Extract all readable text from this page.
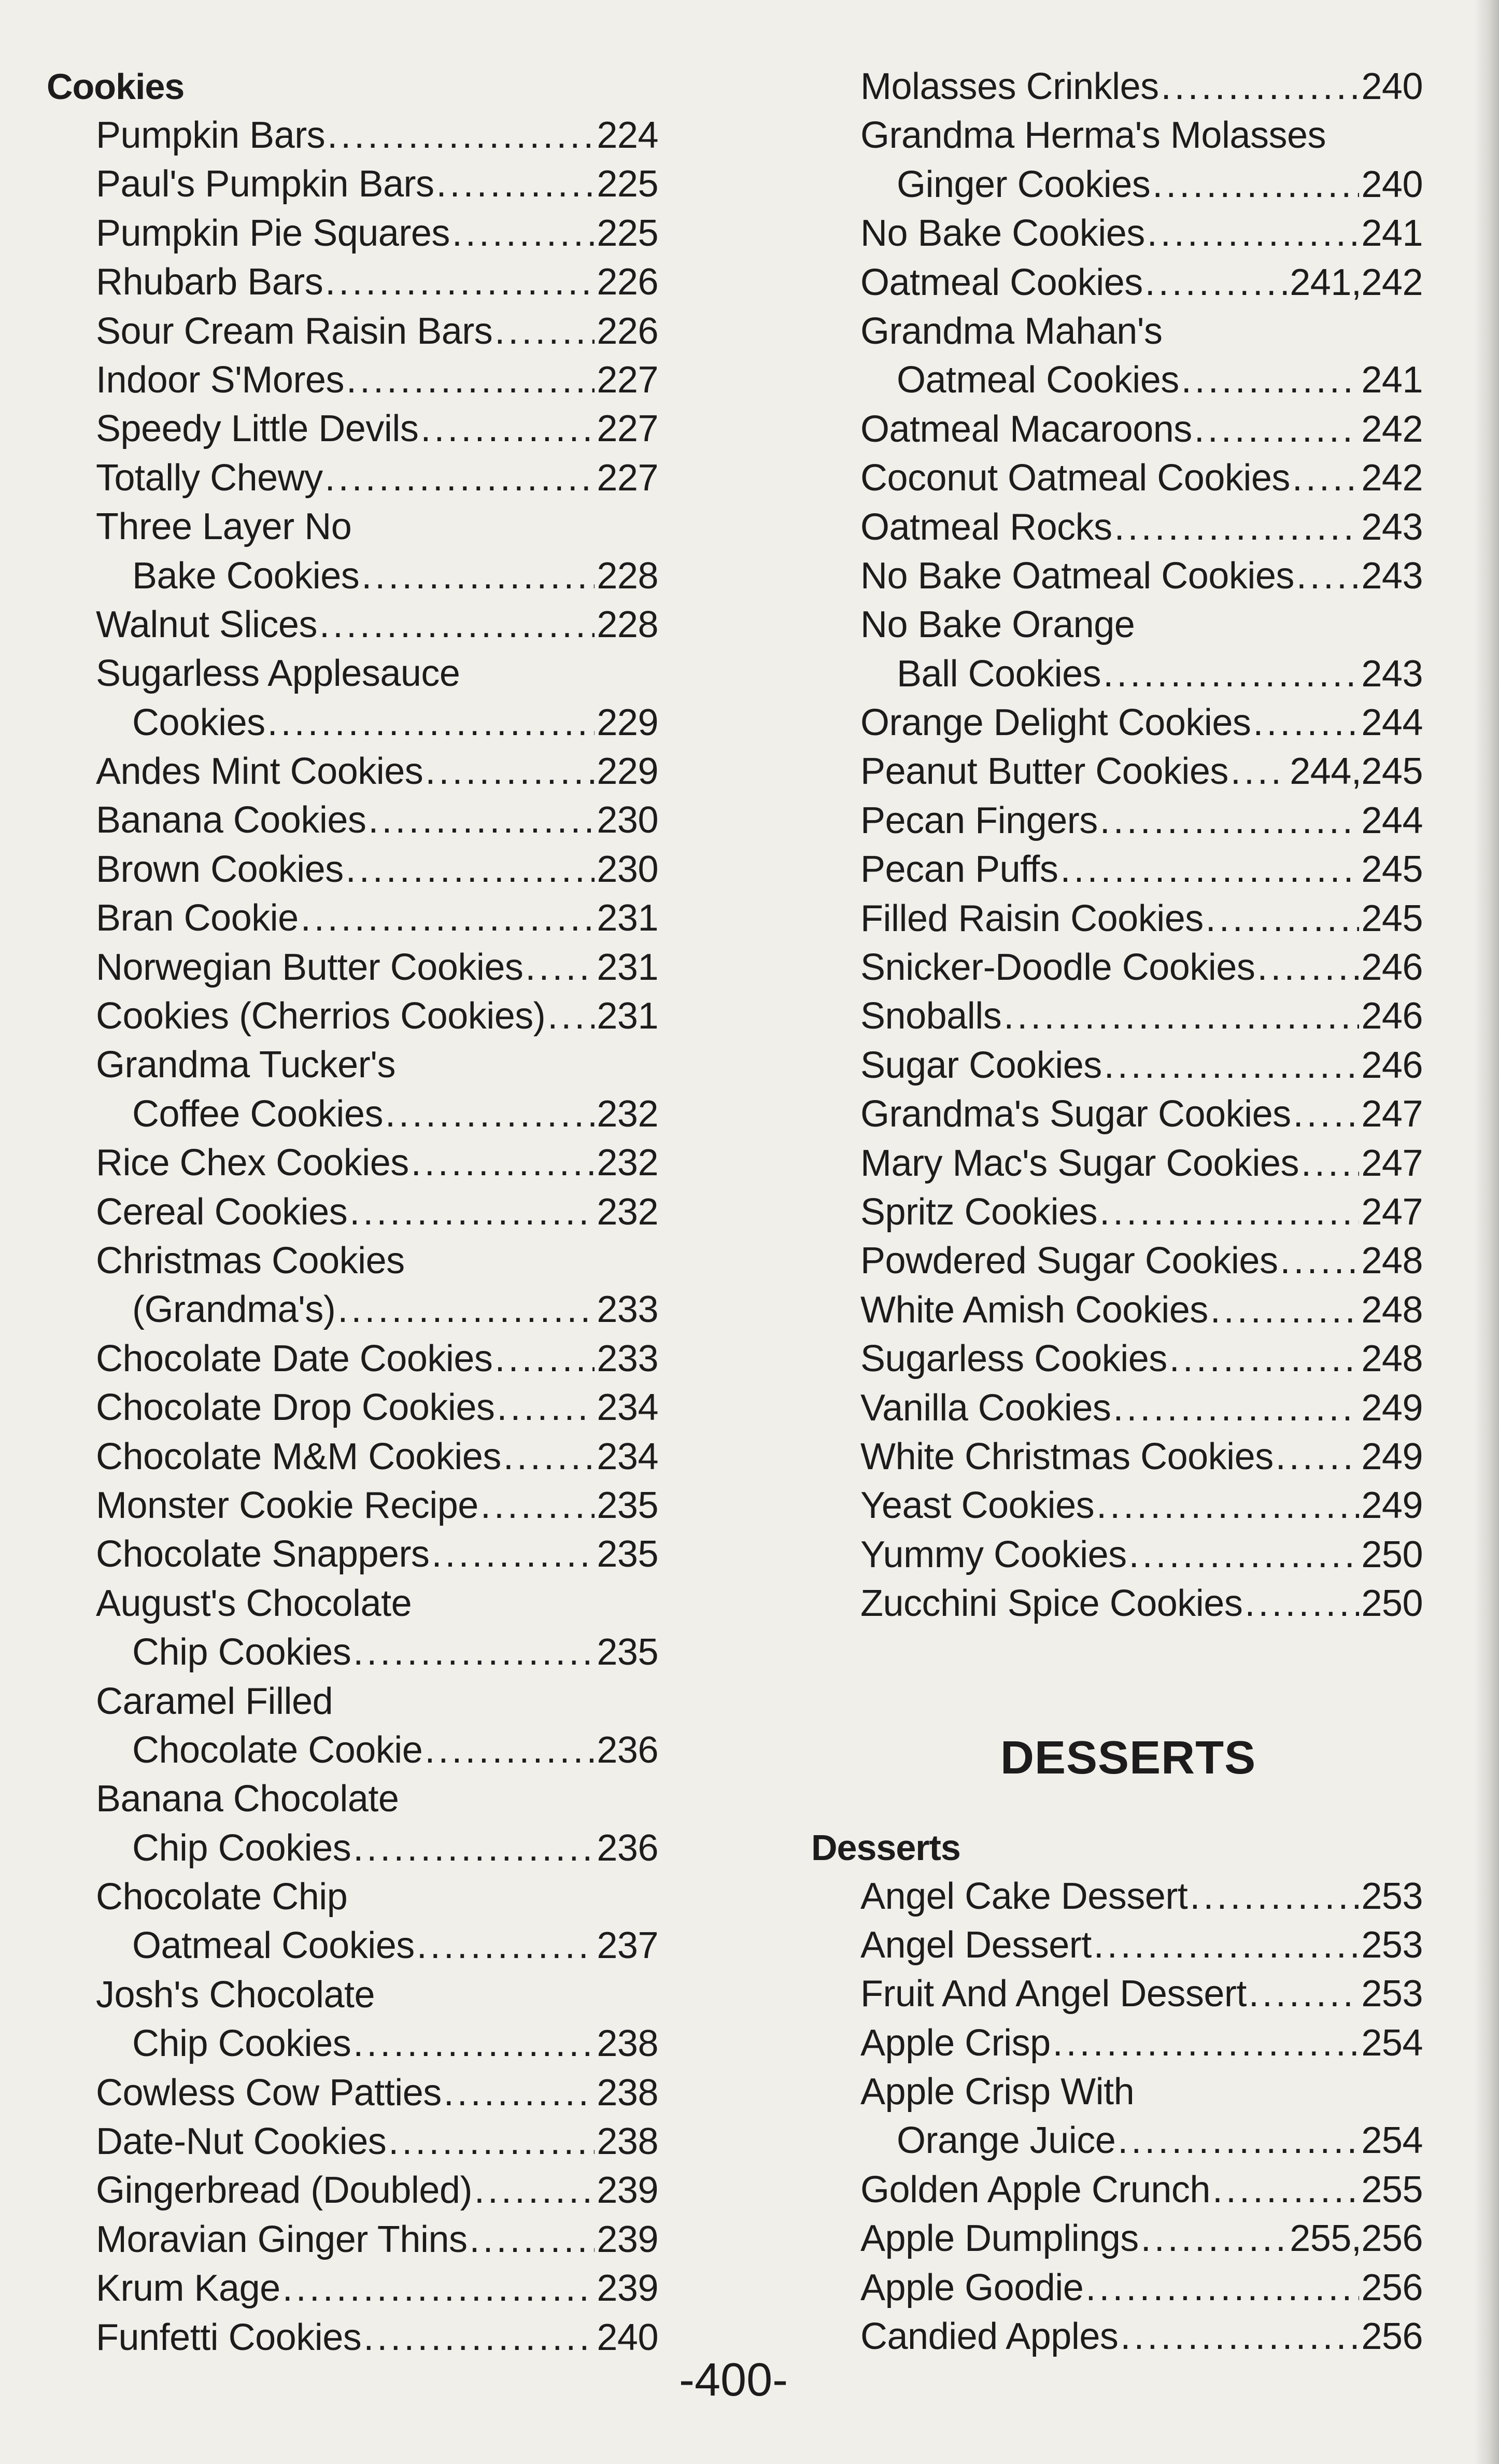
Cookies
Pumpkin Bars .....	224
Paul's Pumpkin Bars .....	225
Pumpkin Pie Squares .....	225
Rhubarb Bars .....	226
Sour Cream Raisin Bars .....	226
Indoor S'Mores .....	227
Speedy Little Devils .....	227
Totally Chewy .....	227
Three Layer No
Bake Cookies .....	228
Walnut Slices .....	228
Sugarless Applesauce
Cookies .....	229
Andes Mint Cookies .....	229
Banana Cookies .....	230
Brown Cookies .....	230
Bran Cookie .....	231
Norwegian Butter Cookies ..... 231
Cookies (Cherrios Cookies) ..... 231
Grandma Tucker's
Coffee Cookies .....	232
Rice Chex Cookies .....	232
Cereal Cookies .....	232
Christmas Cookies
(Grandma's) .....	233
Chocolate Date Cookies .....	233
Chocolate Drop Cookies .....	234
Chocolate M&M Cookies .....	234
Monster Cookie Recipe .....	235
Chocolate Snappers .....	235
August's Chocolate
Chip Cookies .....	235
Caramel Filled
Chocolate Cookie .....	236
Banana Chocolate
Chip Cookies .....	236
Chocolate Chip
Oatmeal Cookies .....	237
Josh's Chocolate
Chip Cookies .....	238
Cowless Cow Patties .....	238
Date-Nut Cookies .....	238
Gingerbread (Doubled) .....	239
Moravian Ginger Thins .....	239
Krum Kage .....	239
Funfetti Cookies .....	240
Molasses Crinkles .....	240
Grandma Herma's Molasses
Ginger Cookies .....	240
No Bake Cookies .....	241
Oatmeal Cookies .....	241,242
Grandma Mahan's
Oatmeal Cookies .....	241
Oatmeal Macaroons .....	242
Coconut Oatmeal Cookies ..... 242
Oatmeal Rocks .....	243
No Bake Oatmeal Cookies ..... 243
No Bake Orange
Ball Cookies .....	243
Orange Delight Cookies .....	244
Peanut Butter Cookies ..... 244,245
Pecan Fingers .....	244
Pecan Puffs .....	245
Filled Raisin Cookies .....	245
Snicker-Doodle Cookies .....	246
Snoballs .....	246
Sugar Cookies .....	246
Grandma's Sugar Cookies ..... 247
Mary Mac's Sugar Cookies ..... 247
Spritz Cookies .....	247
Powdered Sugar Cookies ..... 248
White Amish Cookies .....	248
Sugarless Cookies .....	248
Vanilla Cookies .....	249
White Christmas Cookies ..... 249
Yeast Cookies .....	249
Yummy Cookies .....	250
Zucchini Spice Cookies .....	250
Desserts
Angel Cake Dessert .....	253
Angel Dessert .....	253
Fruit And Angel Dessert .....	253
Apple Crisp .....	254
Apple Crisp With
Orange Juice .....	254
Golden Apple Crunch .....	255
Apple Dumplings .....	255,256
Apple Goodie .....	256
Candied Apples .....	256
DESSERTS
-400-
